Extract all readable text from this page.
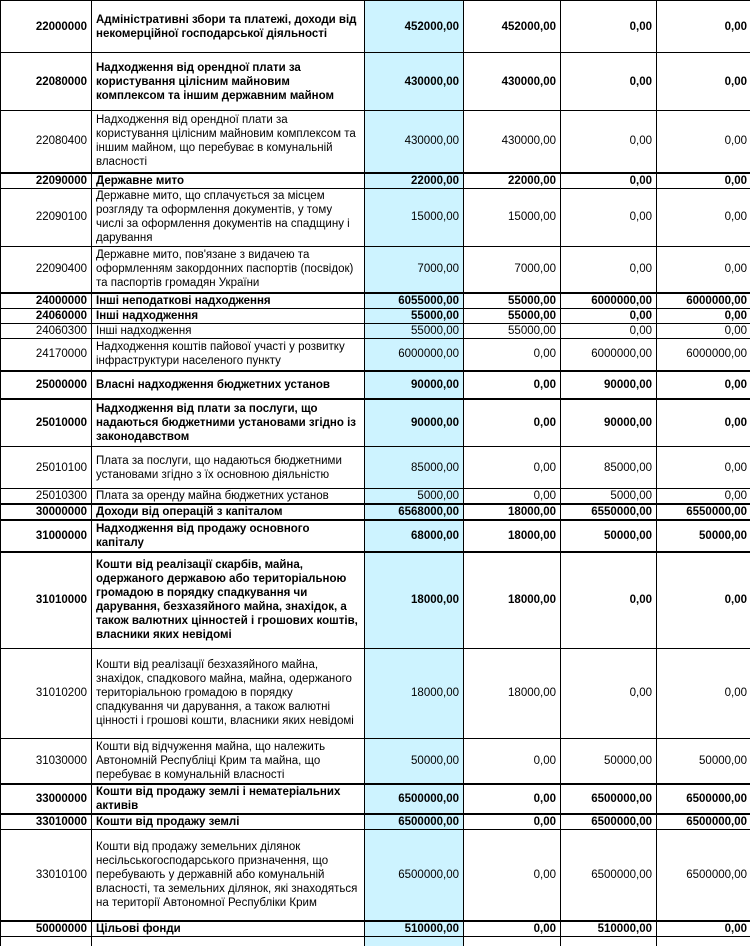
22000000	Адміністративні збори та платежі, доходи від некомерційної господарської діяльності	452000,00	452000,00	0,00	0,00
22080000	Надходження від орендної плати за користування цілісним майновим комплексом та іншим державним майном	430000,00	430000,00	0,00	0,00
22080400	Надходження від орендної плати за користування цілісним майновим комплексом та іншим майном, що перебуває в комунальній власності	430000,00	430000,00	0,00	0,00
22090000	Державне мито	22000,00	22000,00	0,00	0,00
22090100	Державне мито, що сплачується за місцем розгляду та оформлення документів, у тому числі за оформлення документів на спадщину і дарування	15000,00	15000,00	0,00	0,00
22090400	Державне мито, пов'язане з видачею та оформленням закордонних паспортів (посвідок) та паспортів громадян України	7000,00	7000,00	0,00	0,00
24000000	Інші неподаткові надходження	6055000,00	55000,00	6000000,00	6000000,00
24060000	Інші надходження	55000,00	55000,00	0,00	0,00
24060300	Інші надходження	55000,00	55000,00	0,00	0,00
24170000	Надходження коштів пайової участі у розвитку інфраструктури населеного пункту	6000000,00	0,00	6000000,00	6000000,00
25000000	Власні надходження бюджетних установ	90000,00	0,00	90000,00	0,00
25010000	Надходження від плати за послуги, що надаються бюджетними установами згідно із законодавством	90000,00	0,00	90000,00	0,00
25010100	Плата за послуги, що надаються бюджетними установами згідно з їх основною діяльністю	85000,00	0,00	85000,00	0,00
25010300	Плата за оренду майна бюджетних установ	5000,00	0,00	5000,00	0,00
30000000	Доходи від операцій з капіталом	6568000,00	18000,00	6550000,00	6550000,00
31000000	Надходження від продажу основного капіталу	68000,00	18000,00	50000,00	50000,00
31010000	Кошти від реалізації скарбів, майна, одержаного державою або територіальною громадою в порядку спадкування чи дарування, безхазяйного майна, знахідок, а також валютних цінностей і грошових коштів, власники яких невідомі	18000,00	18000,00	0,00	0,00
31010200	Кошти від реалізації безхазяйного майна, знахідок, спадкового майна, майна, одержаного територіальною громадою в порядку спадкування чи дарування, а також валютні цінності і грошові кошти, власники яких невідомі	18000,00	18000,00	0,00	0,00
31030000	Кошти від відчуження майна, що належить Автономній Республіці Крим та майна, що перебуває в комунальній власності	50000,00	0,00	50000,00	50000,00
33000000	Кошти від продажу землі і нематеріальних активів	6500000,00	0,00	6500000,00	6500000,00
33010000	Кошти від продажу землі	6500000,00	0,00	6500000,00	6500000,00
33010100	Кошти від продажу земельних ділянок несільськогосподарського призначення, що перебувають у державній або комунальній власності, та земельних ділянок, які знаходяться на території Автономної Республіки Крим	6500000,00	0,00	6500000,00	6500000,00
50000000	Цільові фонди	510000,00	0,00	510000,00	0,00
